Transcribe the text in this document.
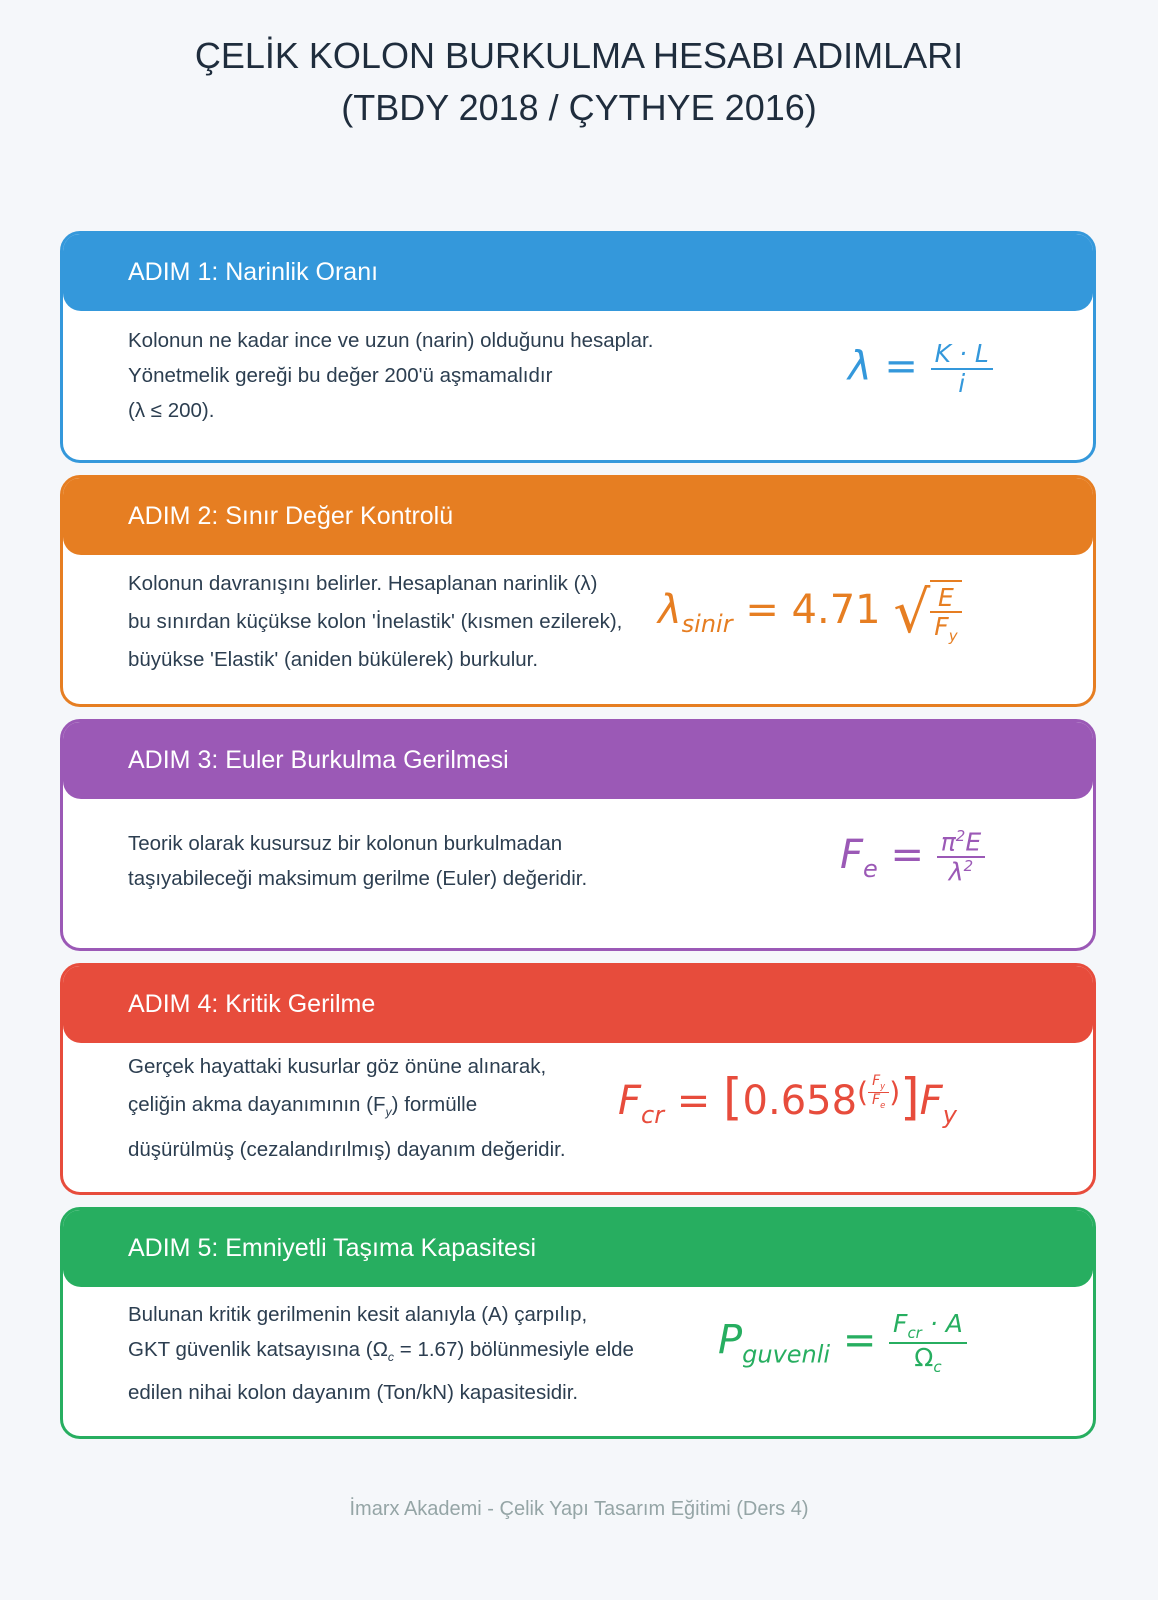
ÇELİK KOLON BURKULMA HESABI ADIMLARI
(TBDY 2018 / ÇYTHYE 2016)
ADIM 1: Narinlik Oranı
Kolonun ne kadar ince ve uzun (narin) olduğunu hesaplar.
Yönetmelik gereği bu değer 200'ü aşmamalıdır
(λ ≤ 200).
$\lambda = \frac{K \cdot L}{i}$
ADIM 2: Sınır Değer Kontrolü
Kolonun davranışını belirler. Hesaplanan narinlik (λ)
bu sınırdan küçükse kolon 'İnelastik' (kısmen ezilerek),
büyükse 'Elastik' (aniden bükülerek) burkulur.
$\lambda_{sinir} = 4.71$ √ $\frac{E}{F_y}$
ADIM 3: Euler Burkulma Gerilmesi
Teorik olarak kusursuz bir kolonun burkulmadan
taşıyabileceği maksimum gerilme (Euler) değeridir.
$F_e = \frac{\pi^2E}{\lambda^2}$
ADIM 4: Kritik Gerilme
Gerçek hayattaki kusurlar göz önüne alınarak,
çeliğin akma dayanımının $(F_y)$ formülle
düşürülmüş (cezalandırılmış) dayanım değeridir.
$F_{cr} = [0.658^{( \frac{F_y}{F_e} )}]F_y$
ADIM 5: Emniyetli Taşıma Kapasitesi
Bulunan kritik gerilmenin kesit alanıyla (A) çarpılıp,
GKT güvenlik katsayısına $(\Omega_c = 1.67)$ bölünmesiyle elde
edilen nihai kolon dayanım (Ton/kN) kapasitesidir.
$P_{guvenli} = \frac{F_{cr} \cdot A}{\Omega_c}$
İmarx Akademi - Çelik Yapı Tasarım Eğitimi (Ders 4)
